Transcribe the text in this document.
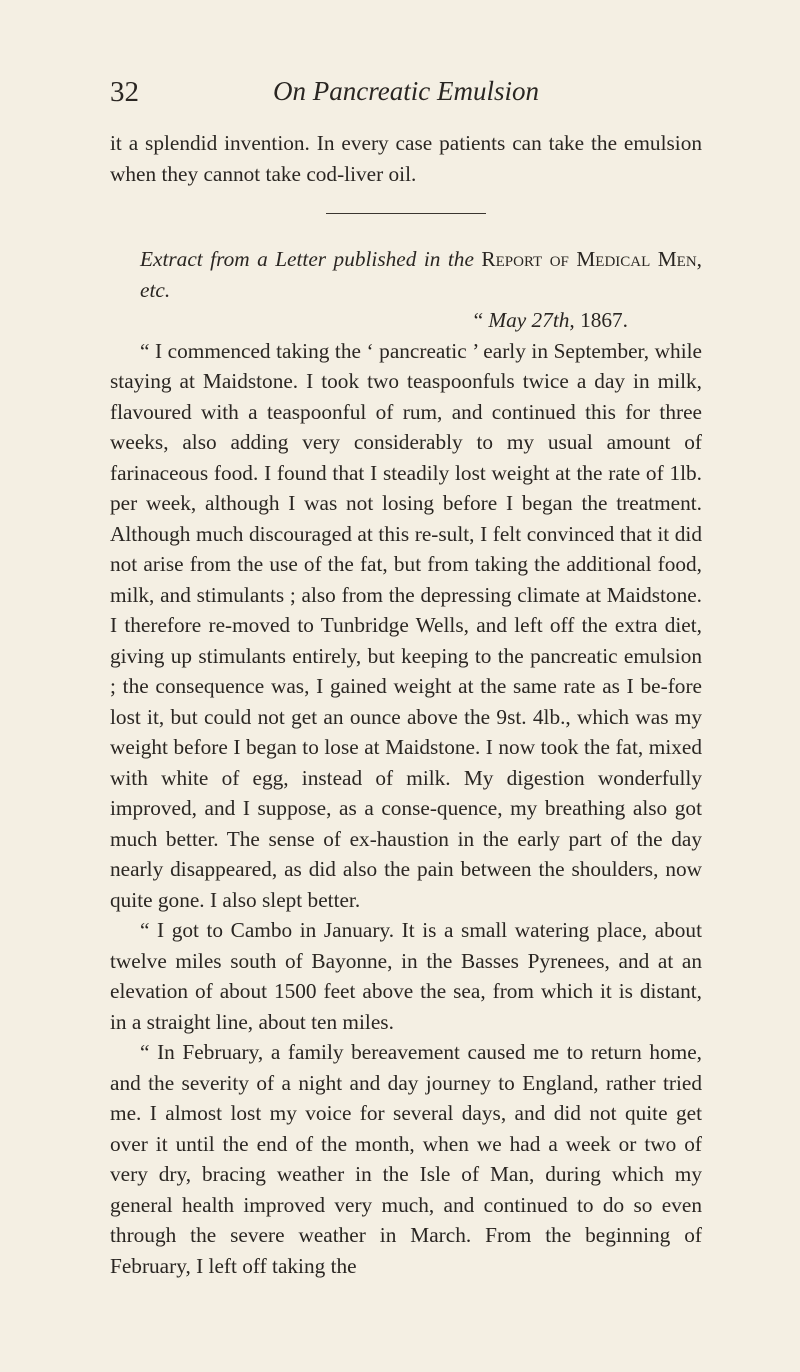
32	On Pancreatic Emulsion

it a splendid invention. In every case patients can take the emulsion when they cannot take cod-liver oil.

Extract from a Letter published in the Report of Medical Men, etc.

“ May 27th, 1867.

“ I commenced taking the ‘ pancreatic ’ early in September, while staying at Maidstone. I took two teaspoonfuls twice a day in milk, flavoured with a teaspoonful of rum, and continued this for three weeks, also adding very considerably to my usual amount of farinaceous food. I found that I steadily lost weight at the rate of 1lb. per week, although I was not losing before I began the treatment. Although much discouraged at this re-sult, I felt convinced that it did not arise from the use of the fat, but from taking the additional food, milk, and stimulants ; also from the depressing climate at Maidstone. I therefore re-moved to Tunbridge Wells, and left off the extra diet, giving up stimulants entirely, but keeping to the pancreatic emulsion ; the consequence was, I gained weight at the same rate as I be-fore lost it, but could not get an ounce above the 9st. 4lb., which was my weight before I began to lose at Maidstone. I now took the fat, mixed with white of egg, instead of milk. My digestion wonderfully improved, and I suppose, as a conse-quence, my breathing also got much better. The sense of ex-haustion in the early part of the day nearly disappeared, as did also the pain between the shoulders, now quite gone. I also slept better.

“ I got to Cambo in January. It is a small watering place, about twelve miles south of Bayonne, in the Basses Pyrenees, and at an elevation of about 1500 feet above the sea, from which it is distant, in a straight line, about ten miles.

“ In February, a family bereavement caused me to return home, and the severity of a night and day journey to England, rather tried me. I almost lost my voice for several days, and did not quite get over it until the end of the month, when we had a week or two of very dry, bracing weather in the Isle of Man, during which my general health improved very much, and continued to do so even through the severe weather in March. From the beginning of February, I left off taking the
